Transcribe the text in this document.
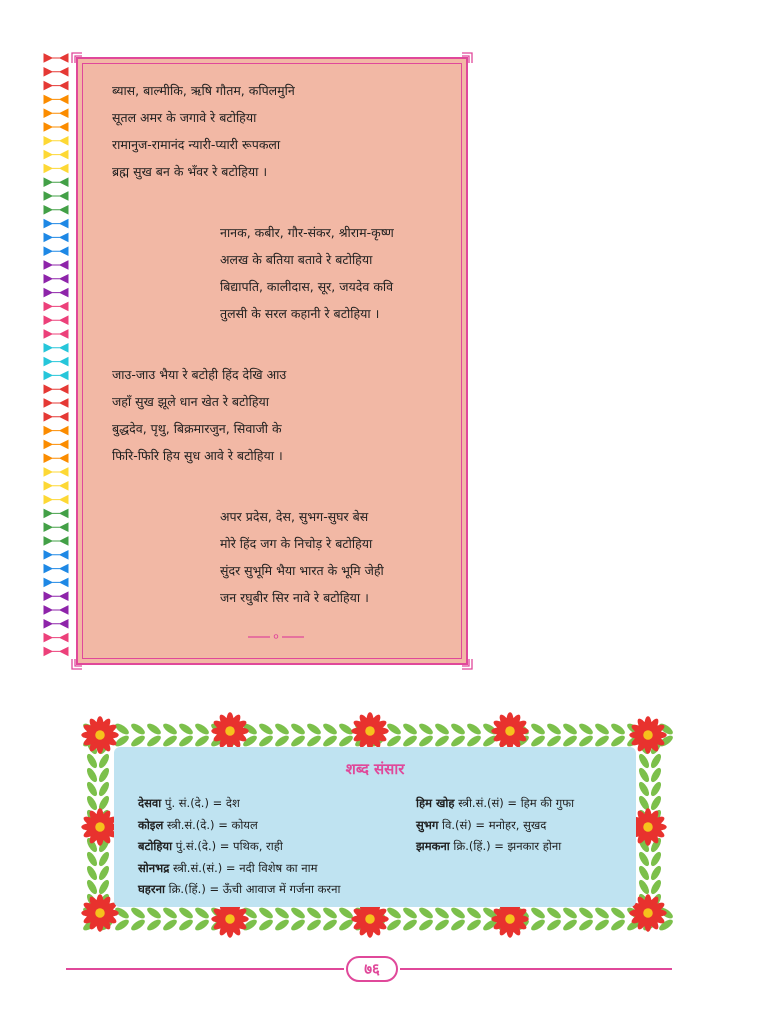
ब्यास, बाल्मीकि, ऋषि गौतम, कपिलमुनि
सूतल अमर के जगावे रे बटोहिया
रामानुज-रामानंद न्यारी-प्यारी रूपकला
ब्रह्म सुख बन के भँवर रे बटोहिया ।
नानक, कबीर, गौर-संकर, श्रीराम-कृष्ण
अलख के बतिया बतावे रे बटोहिया
बिद्यापति, कालीदास, सूर, जयदेव कवि
तुलसी के सरल कहानी रे बटोहिया ।
जाउ-जाउ भैया रे बटोही हिंद देखि आउ
जहाँ सुख झूले धान खेत रे बटोहिया
बुद्धदेव, पृथु, बिक्रमारजुन, सिवाजी के
फिरि-फिरि हिय सुध आवे रे बटोहिया ।
अपर प्रदेस, देस, सुभग-सुघर बेस
मोरे हिंद जग के निचोड़ रे बटोहिया
सुंदर सुभूमि भैया भारत के भूमि जेही
जन रघुबीर सिर नावे रे बटोहिया ।
०
शब्द संसार
देसवा पुं. सं.(दे.) = देश
कोइल स्त्री.सं.(दे.) = कोयल
बटोहिया पुं.सं.(दे.) = पथिक, राही
सोनभद्र स्त्री.सं.(सं.) = नदी विशेष का नाम
घहरना क्रि.(हिं.) = ऊँची आवाज में गर्जना करना
हिम खोह स्त्री.सं.(सं) = हिम की गुफा
सुभग वि.(सं) = मनोहर, सुखद
झमकना क्रि.(हिं.) = झनकार होना
७६
